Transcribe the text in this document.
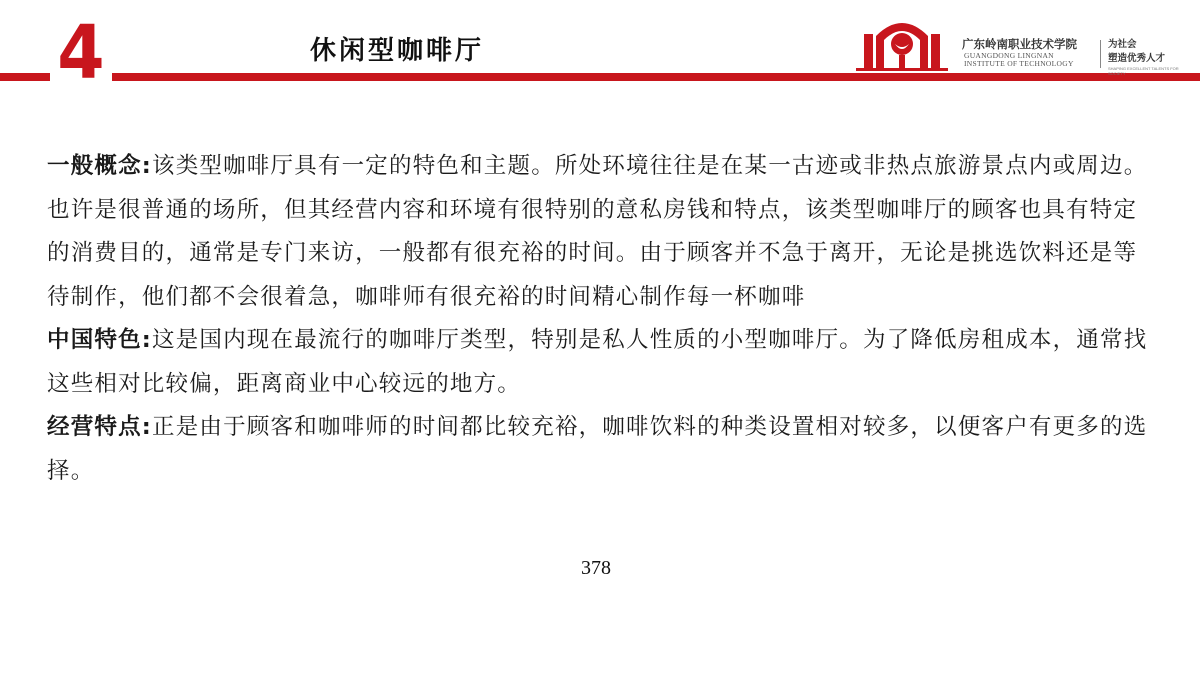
4	休闲型咖啡厅	广东岭南职业技术学院
GUANGDONG LINGNAN
INSTITUTE OF TECHNOLOGY
为社会
塑造优秀人才
SHAPING EXCELLENT TALENTS FOR SOCIETY

一般概念:该类型咖啡厅具有一定的特色和主题。所处环境往往是在某一古迹或非热点旅游景点内或周边。也许是很普通的场所，但其经营内容和环境有很特别的意私房钱和特点，该类型咖啡厅的顾客也具有特定的消费目的，通常是专门来访，一般都有很充裕的时间。由于顾客并不急于离开，无论是挑选饮料还是等待制作，他们都不会很着急，咖啡师有很充裕的时间精心制作每一杯咖啡

中国特色:这是国内现在最流行的咖啡厅类型，特别是私人性质的小型咖啡厅。为了降低房租成本，通常找这些相对比较偏，距离商业中心较远的地方。

经营特点:正是由于顾客和咖啡师的时间都比较充裕，咖啡饮料的种类设置相对较多，以便客户有更多的选择。

378
